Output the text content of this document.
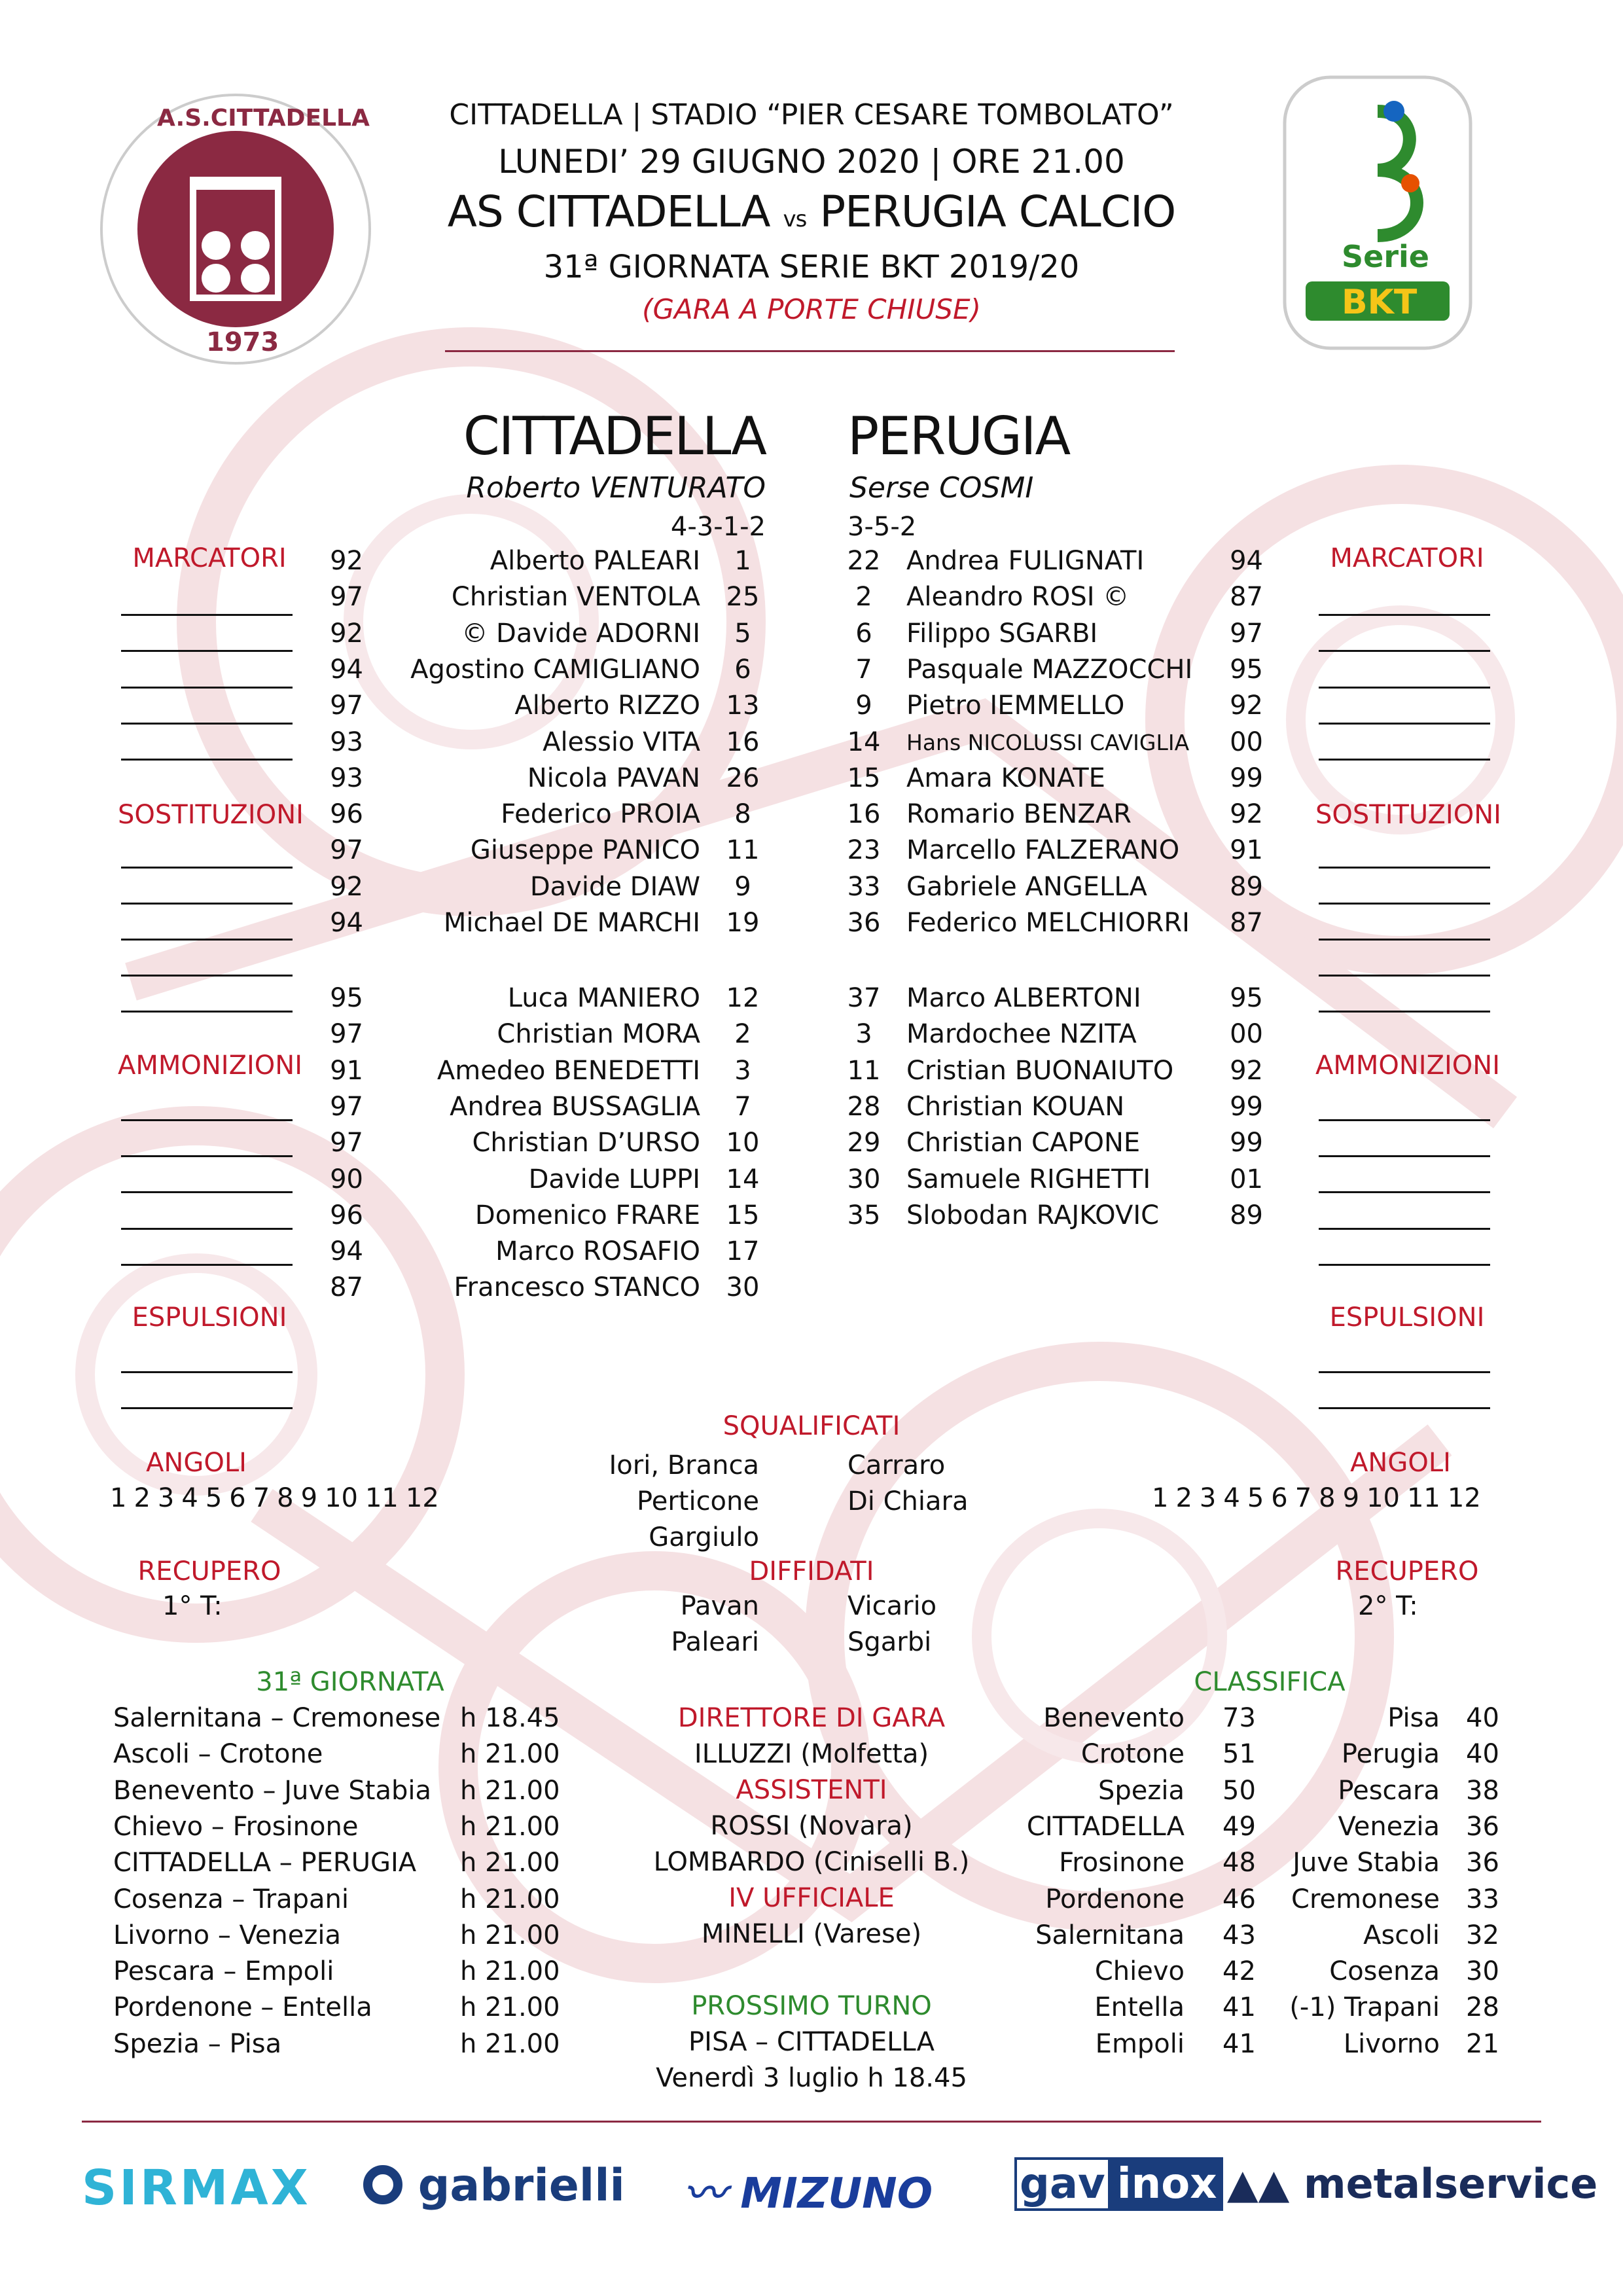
A.S.CITTADELLA
1973
Serie
BKT
CITTADELLA | STADIO “PIER CESARE TOMBOLATO”
LUNEDI’ 29 GIUGNO 2020 | ORE 21.00
AS CITTADELLA vs PERUGIA CALCIO
31ª GIORNATA SERIE BKT 2019/20
(GARA A PORTE CHIUSE)
CITTADELLA PERUGIA
Roberto VENTURATO	Serse COSMI
4-3-1-2	3-5-2
92	Alberto PALEARI	1
97	Christian VENTOLA 25
92	© Davide ADORNI	5
94	Agostino CAMIGLIANO	6
97	Alberto RIZZO 13
93	Alessio VITA 16
93	Nicola PAVAN 26
96	Federico PROIA	8
97	Giuseppe PANICO 11
92	Davide DIAW	9
94	Michael DE MARCHI 19
95	Luca MANIERO 12
97	Christian MORA	2
91	Amedeo BENEDETTI	3
97	Andrea BUSSAGLIA	7
97	Christian D’URSO 10
90	Davide LUPPI 14
96	Domenico FRARE 15
94	Marco ROSAFIO 17
87	Francesco STANCO 30
22 Andrea FULIGNATI	94
2	Aleandro ROSI ©	87
6	Filippo SGARBI	97
7	Pasquale MAZZOCCHI	95
9	Pietro IEMMELLO	92
14	Hans NICOLUSSI CAVIGLIA	00
15 Amara KONATE	99
16 Romario BENZAR	92
23 Marcello FALZERANO	91
33 Gabriele ANGELLA	89
36 Federico MELCHIORRI	87
37 Marco ALBERTONI	95
3	Mardochee NZITA	00
11 Cristian BUONAIUTO	92
28 Christian KOUAN	99
29 Christian CAPONE	99
30 Samuele RIGHETTI	01
35 Slobodan RAJKOVIC	89
MARCATORI
SOSTITUZIONI
AMMONIZIONI
ESPULSIONI
MARCATORI
SOSTITUZIONI
AMMONIZIONI
ESPULSIONI
SQUALIFICATI
ANGOLI	ANGOLI
1 2 3 4 5 6 7 8 9 10 11 12	1 2 3 4 5 6 7 8 9 10 11 12
Iori, Branca
Perticone
Gargiulo
Carraro
Di Chiara
RECUPERO	RECUPERO
1° T:	2° T:
DIFFIDATI
Pavan
Paleari
Vicario
Sgarbi
31ª GIORNATA
Salernitana – Cremonese h 18.45
Ascoli – Crotone	h 21.00
Benevento – Juve Stabia h 21.00
Chievo – Frosinone	h 21.00
CITTADELLA – PERUGIA h 21.00
Cosenza – Trapani	h 21.00
Livorno – Venezia	h 21.00
Pescara – Empoli	h 21.00
Pordenone – Entella	h 21.00
Spezia – Pisa	h 21.00
DIRETTORE DI GARA
ILLUZZI (Molfetta)
ASSISTENTI
ROSSI (Novara)
LOMBARDO (Ciniselli B.)
IV UFFICIALE
MINELLI (Varese)
PROSSIMO TURNO
PISA – CITTADELLA
Venerdì 3 luglio h 18.45
CLASSIFICA
Benevento 73
Crotone 51
Spezia 50
CITTADELLA 49
Frosinone 48
Pordenone 46
Salernitana 43
Chievo 42
Entella 41
Empoli 41
Pisa 40
Perugia 40
Pescara 38
Venezia 36
Juve Stabia 36
Cremonese 33
Ascoli 32
Cosenza 30
(-1) Trapani 28
Livorno 21
SIRMAX	gabrielli 〰 MIZUNO gav inox ▲▲ metalservice
